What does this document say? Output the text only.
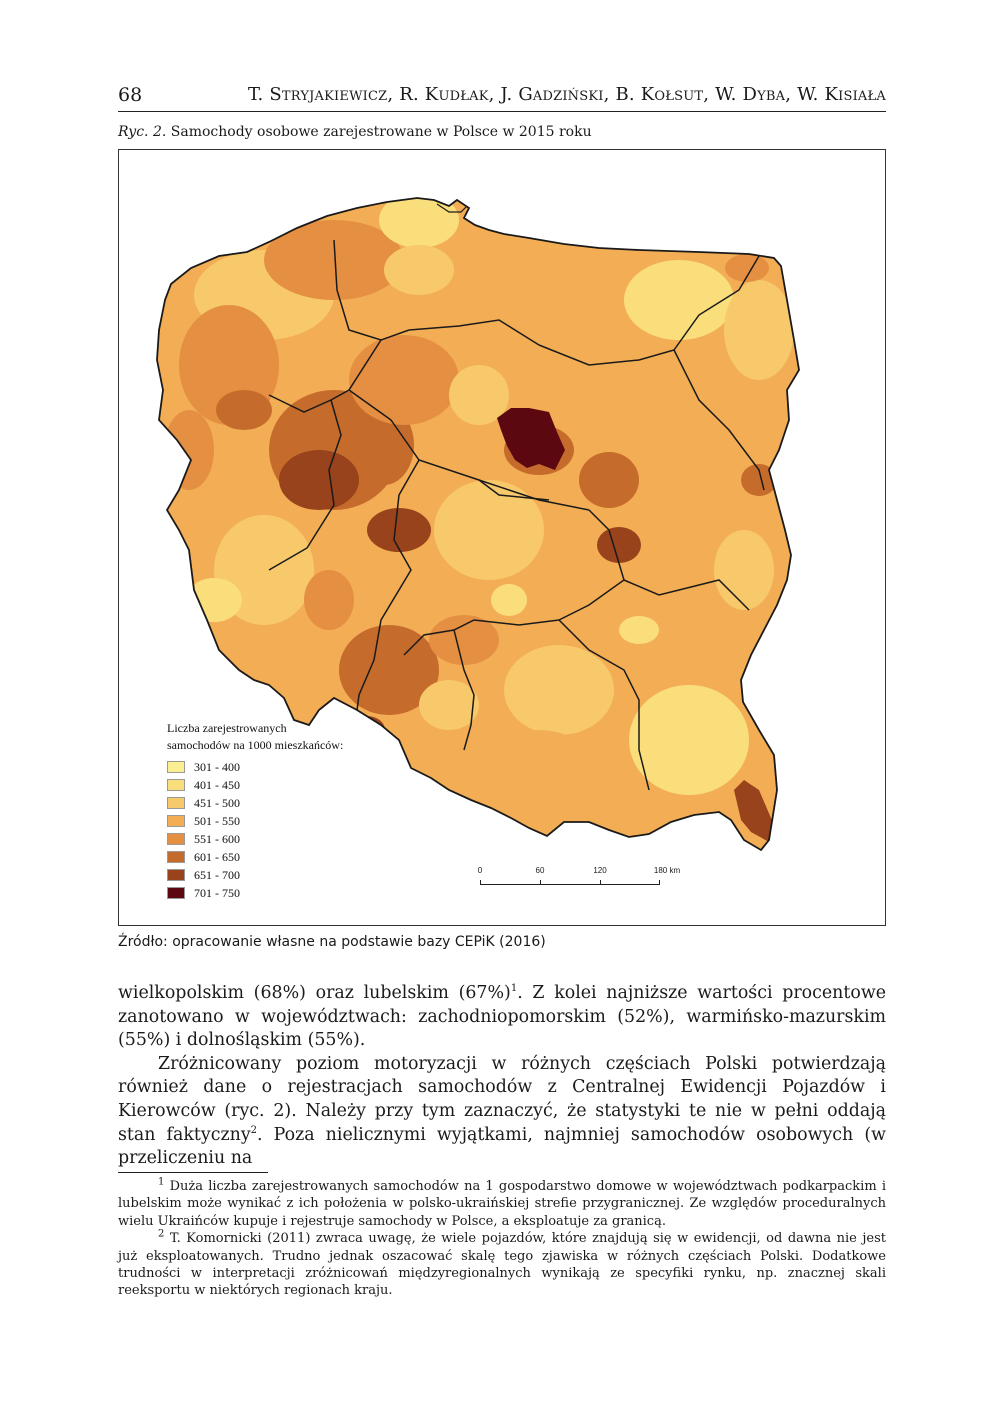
68	T. Stryjakiewicz, R. Kudłak, J. Gadziński, B. Kołsut, W. Dyba, W. Kisiała
Ryc. 2. Samochody osobowe zarejestrowane w Polsce w 2015 roku
Liczba zarejestrowanych
samochodów na 1000 mieszkańców:
301 - 400
401 - 450
451 - 500
501 - 550
551 - 600
601 - 650
651 - 700
701 - 750
0	60	120	180 km
Źródło: opracowanie własne na podstawie bazy CEPiK (2016)

wielkopolskim (68%) oraz lubelskim $(67\%)^1$. Z kolei najniższe wartości procentowe zanotowano w województwach: zachodniopomorskim (52%), warmińsko-mazurskim (55%) i dolnośląskim (55%).

Zróżnicowany poziom motoryzacji w różnych częściach Polski potwierdzają również dane o rejestracjach samochodów z Centralnej Ewidencji Pojazdów i Kierowców (ryc. 2). Należy przy tym zaznaczyć, że statystyki te nie w pełni oddają stan faktyczny$^2$. Poza nielicznymi wyjątkami, najmniej samochodów osobowych (w przeliczeniu na

$^1$ Duża liczba zarejestrowanych samochodów na 1 gospodarstwo domowe w województwach podkarpackim i lubelskim może wynikać z ich położenia w polsko-ukraińskiej strefie przygranicznej. Ze względów proceduralnych wielu Ukraińców kupuje i rejestruje samochody w Polsce, a eksploatuje za granicą.

$^2$ T. Komornicki (2011) zwraca uwagę, że wiele pojazdów, które znajdują się w ewidencji, od dawna nie jest już eksploatowanych. Trudno jednak oszacować skalę tego zjawiska w różnych częściach Polski. Dodatkowe trudności w interpretacji zróżnicowań międzyregionalnych wynikają ze specyfiki rynku, np. znacznej skali reeksportu w niektórych regionach kraju.
